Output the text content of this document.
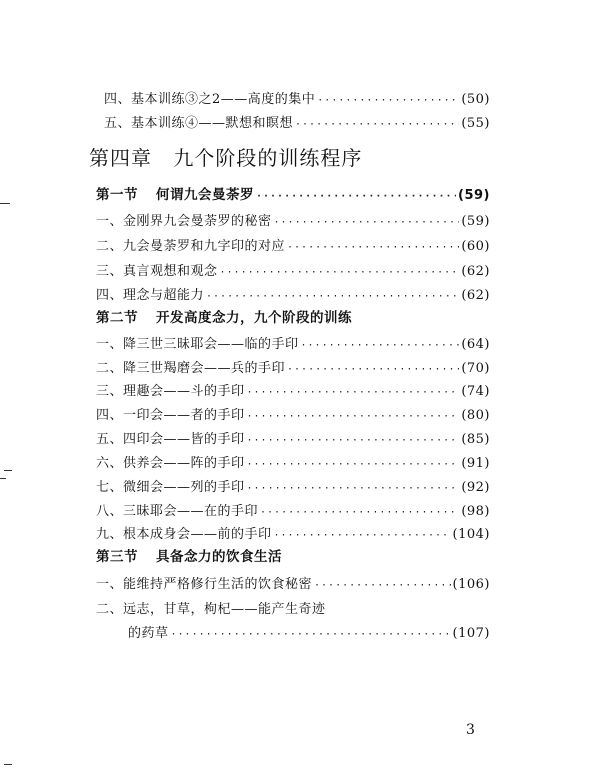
四、基本训练③之2——高度的集中 ·····	(50)
五、基本训练④——默想和瞑想 ·····	(55)
第四章 九个阶段的训练程序
第一节 何谓九会曼荼罗 ·····	(59)
一、金刚界九会曼荼罗的秘密 ·····	(59)
二、九会曼荼罗和九字印的对应 ·····	(60)
三、真言观想和观念 ·····	(62)
四、理念与超能力 ·····	(62)
第二节 开发高度念力，九个阶段的训练
一、降三世三昧耶会——临的手印 ·····	(64)
二、降三世羯磨会——兵的手印 ·····	(70)
三、理趣会——斗的手印 ·····	(74)
四、一印会——者的手印 ·····	(80)
五、四印会——皆的手印 ·····	(85)
六、供养会——阵的手印 ·····	(91)
七、微细会——列的手印 ·····	(92)
八、三昧耶会——在的手印 ·····	(98)
九、根本成身会——前的手印 ·····	(104)
第三节 具备念力的饮食生活
一、能维持严格修行生活的饮食秘密 ·····	(106)
二、远志，甘草，枸杞——能产生奇迹
的药草 ·····	(107)
3
